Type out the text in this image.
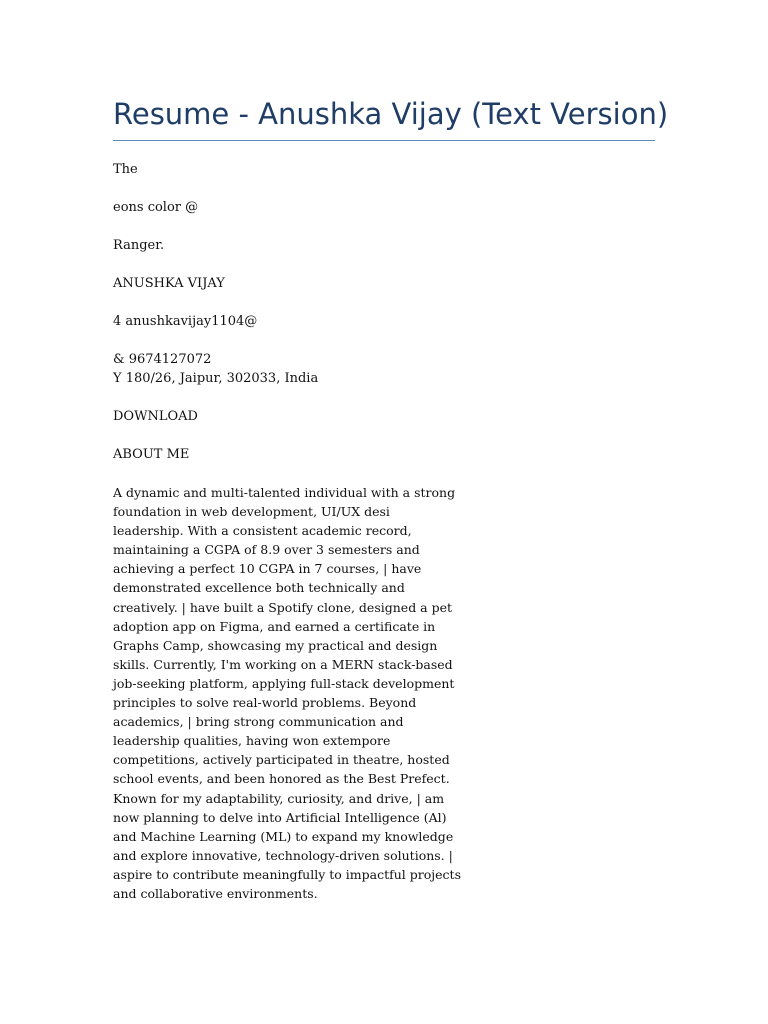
Resume - Anushka Vijay (Text Version)

The

eons color @

Ranger.

ANUSHKA VIJAY

4 anushkavijay1104@

& 9674127072

Y 180/26, Jaipur, 302033, India

DOWNLOAD

ABOUT ME

A dynamic and multi-talented individual with a strong
foundation in web development, UI/UX desi
leadership. With a consistent academic record,
maintaining a CGPA of 8.9 over 3 semesters and
achieving a perfect 10 CGPA in 7 courses, | have
demonstrated excellence both technically and
creatively. | have built a Spotify clone, designed a pet
adoption app on Figma, and earned a certificate in
Graphs Camp, showcasing my practical and design
skills. Currently, I'm working on a MERN stack-based
job-seeking platform, applying full-stack development
principles to solve real-world problems. Beyond
academics, | bring strong communication and
leadership qualities, having won extempore
competitions, actively participated in theatre, hosted
school events, and been honored as the Best Prefect.
Known for my adaptability, curiosity, and drive, | am
now planning to delve into Artificial Intelligence (Al)
and Machine Learning (ML) to expand my knowledge
and explore innovative, technology-driven solutions. |
aspire to contribute meaningfully to impactful projects
and collaborative environments.
